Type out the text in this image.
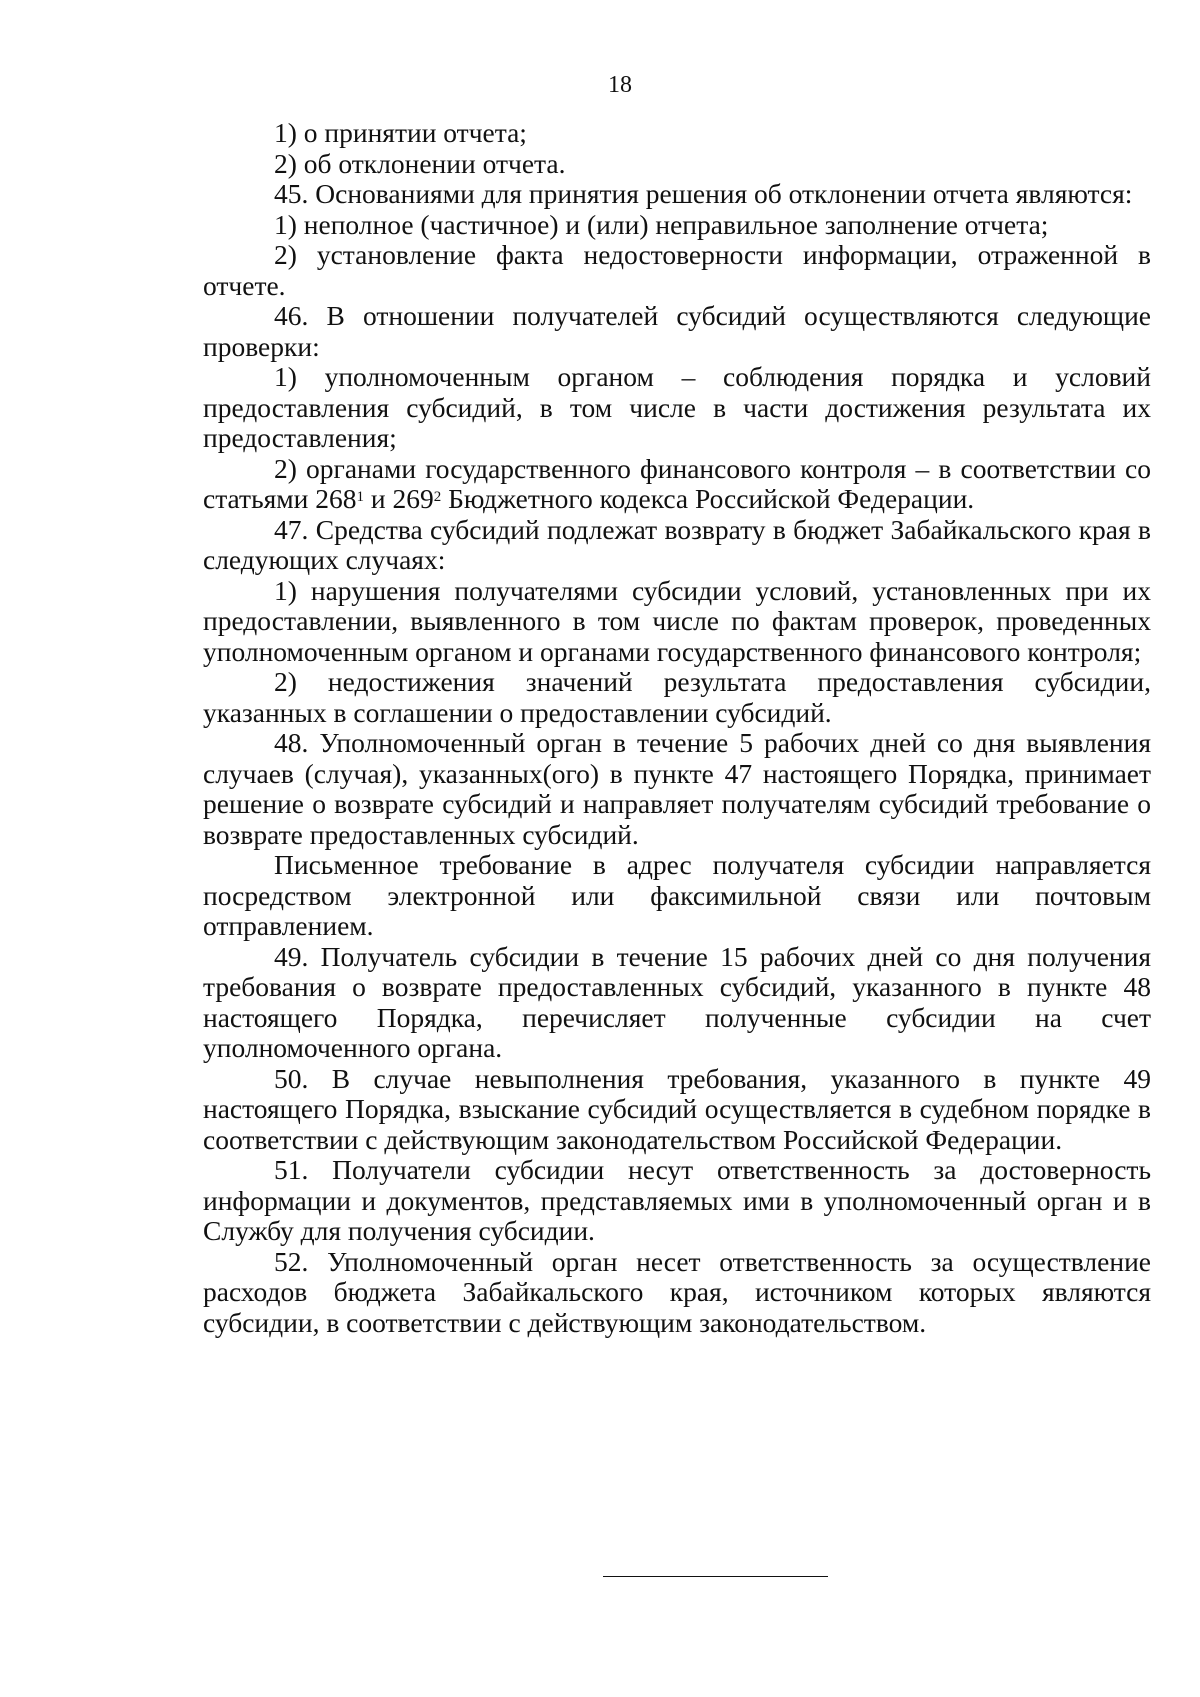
18

1) о принятии отчета;

2) об отклонении отчета.

45. Основаниями для принятия решения об отклонении отчета являются:

1) неполное (частичное) и (или) неправильное заполнение отчета;

2) установление факта недостоверности информации, отраженной в отчете.

46. В отношении получателей субсидий осуществляются следующие проверки:

1) уполномоченным органом – соблюдения порядка и условий предоставления субсидий, в том числе в части достижения результата их предоставления;

2) органами государственного финансового контроля – в соответствии со статьями $268^1$ и $269^2$ Бюджетного кодекса Российской Федерации.

47. Средства субсидий подлежат возврату в бюджет Забайкальского края в следующих случаях:

1) нарушения получателями субсидии условий, установленных при их предоставлении, выявленного в том числе по фактам проверок, проведенных уполномоченным органом и органами государственного финансового контроля;

2) недостижения значений результата предоставления субсидии, указанных в соглашении о предоставлении субсидий.

48. Уполномоченный орган в течение 5 рабочих дней со дня выявления случаев (случая), указанных(ого) в пункте 47 настоящего Порядка, принимает решение о возврате субсидий и направляет получателям субсидий требование о возврате предоставленных субсидий.

Письменное требование в адрес получателя субсидии направляется посредством электронной или факсимильной связи или почтовым отправлением.

49. Получатель субсидии в течение 15 рабочих дней со дня получения требования о возврате предоставленных субсидий, указанного в пункте 48 настоящего Порядка, перечисляет полученные субсидии на счет уполномоченного органа.

50. В случае невыполнения требования, указанного в пункте 49 настоящего Порядка, взыскание субсидий осуществляется в судебном порядке в соответствии с действующим законодательством Российской Федерации.

51. Получатели субсидии несут ответственность за достоверность информации и документов, представляемых ими в уполномоченный орган и в Службу для получения субсидии.

52. Уполномоченный орган несет ответственность за осуществление расходов бюджета Забайкальского края, источником которых являются субсидии, в соответствии с действующим законодательством.
